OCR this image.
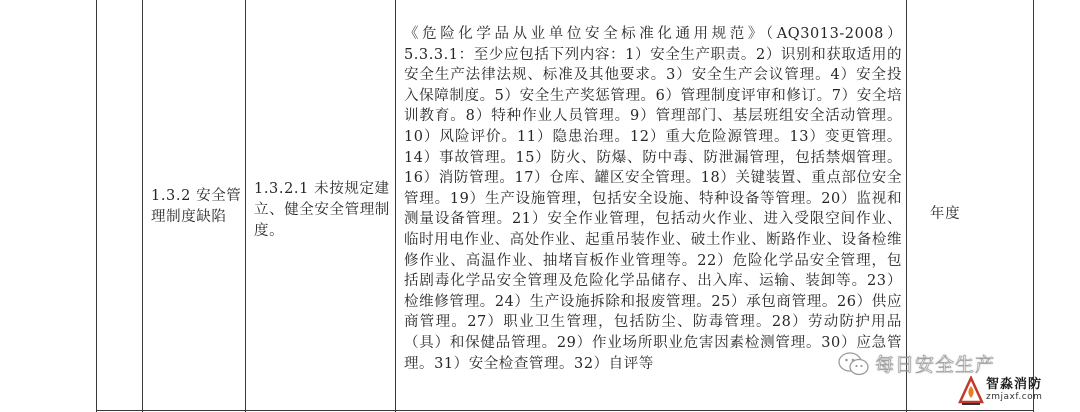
1.3.2 安全管理制度缺陷
1.3.2.1 未按规定建立、健全安全管理制度。
《危险化学品从业单位安全标准化通用规范》（AQ3013-2008）5.3.3.1：至少应包括下列内容：1）安全生产职责。2）识别和获取适用的安全生产法律法规、标准及其他要求。3）安全生产会议管理。4）安全投入保障制度。5）安全生产奖惩管理。6）管理制度评审和修订。7）安全培训教育。8）特种作业人员管理。9）管理部门、基层班组安全活动管理。10）风险评价。11）隐患治理。12）重大危险源管理。13）变更管理。14）事故管理。15）防火、防爆、防中毒、防泄漏管理，包括禁烟管理。16）消防管理。17）仓库、罐区安全管理。18）关键装置、重点部位安全管理。19）生产设施管理，包括安全设施、特种设备等管理。20）监视和测量设备管理。21）安全作业管理，包括动火作业、进入受限空间作业、临时用电作业、高处作业、起重吊装作业、破土作业、断路作业、设备检维修作业、高温作业、抽堵盲板作业管理等。22）危险化学品安全管理，包括剧毒化学品安全管理及危险化学品储存、出入库、运输、装卸等。23）检维修管理。24）生产设施拆除和报废管理。25）承包商管理。26）供应商管理。27）职业卫生管理，包括防尘、防毒管理。28）劳动防护用品（具）和保健品管理。29）作业场所职业危害因素检测管理。30）应急管理。31）安全检查管理。32）自评等
年度
每日安全生产
智淼消防
zmjaxf.com
